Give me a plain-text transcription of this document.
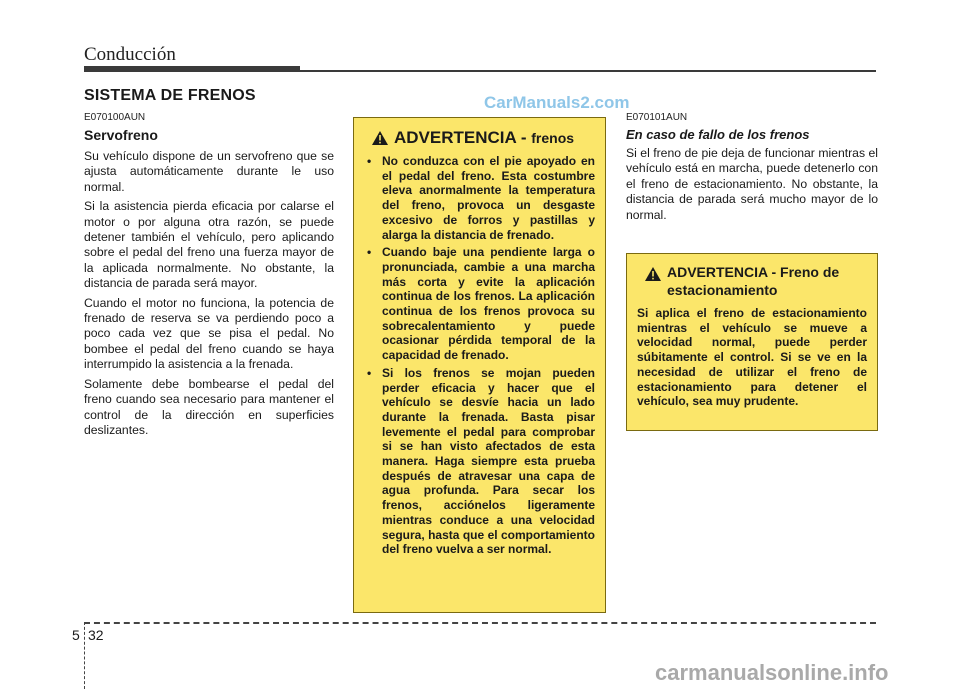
Conducción
SISTEMA DE FRENOS	CarManuals2.com
E070100AUN
Servofreno

Su vehículo dispone de un servofreno que se ajusta automáticamente durante le uso normal.

Si la asistencia pierda eficacia por calarse el motor o por alguna otra razón, se puede detener también el vehículo, pero aplicando sobre el pedal del freno una fuerza mayor de la aplicada normalmente. No obstante, la distancia de parada será mayor.

Cuando el motor no funciona, la potencia de frenado de reserva se va perdiendo poco a poco cada vez que se pisa el pedal. No bombee el pedal del freno cuando se haya interrumpido la asistencia a la frenada.

Solamente debe bombearse el pedal del freno cuando sea necesario para mantener el control de la dirección en superficies deslizantes.

ADVERTENCIA - frenos
• No conduzca con el pie apoyado en el pedal del freno. Esta costumbre eleva anormalmente la temperatura del freno, provoca un desgaste excesivo de forros y pastillas y alarga la distancia de frenado.
• Cuando baje una pendiente larga o pronunciada, cambie a una marcha más corta y evite la aplicación continua de los frenos. La aplicación continua de los frenos provoca su sobrecalentamiento y puede ocasionar pérdida temporal de la capacidad de frenado.
• Si los frenos se mojan pueden perder eficacia y hacer que el vehículo se desvíe hacia un lado durante la frenada. Basta pisar levemente el pedal para comprobar si se han visto afectados de esta manera. Haga siempre esta prueba después de atravesar una capa de agua profunda. Para secar los frenos, acciónelos ligeramente mientras conduce a una velocidad segura, hasta que el comportamiento del freno vuelva a ser normal.
E070101AUN
En caso de fallo de los frenos

Si el freno de pie deja de funcionar mientras el vehículo está en marcha, puede detenerlo con el freno de estacionamiento. No obstante, la distancia de parada será mucho mayor de lo normal.

ADVERTENCIA - Freno de estacionamiento

Si aplica el freno de estacionamiento mientras el vehículo se mueve a velocidad normal, puede perder súbitamente el control. Si se ve en la necesidad de utilizar el freno de estacionamiento para detener el vehículo, sea muy prudente.

5 32
carmanualsonline.info
